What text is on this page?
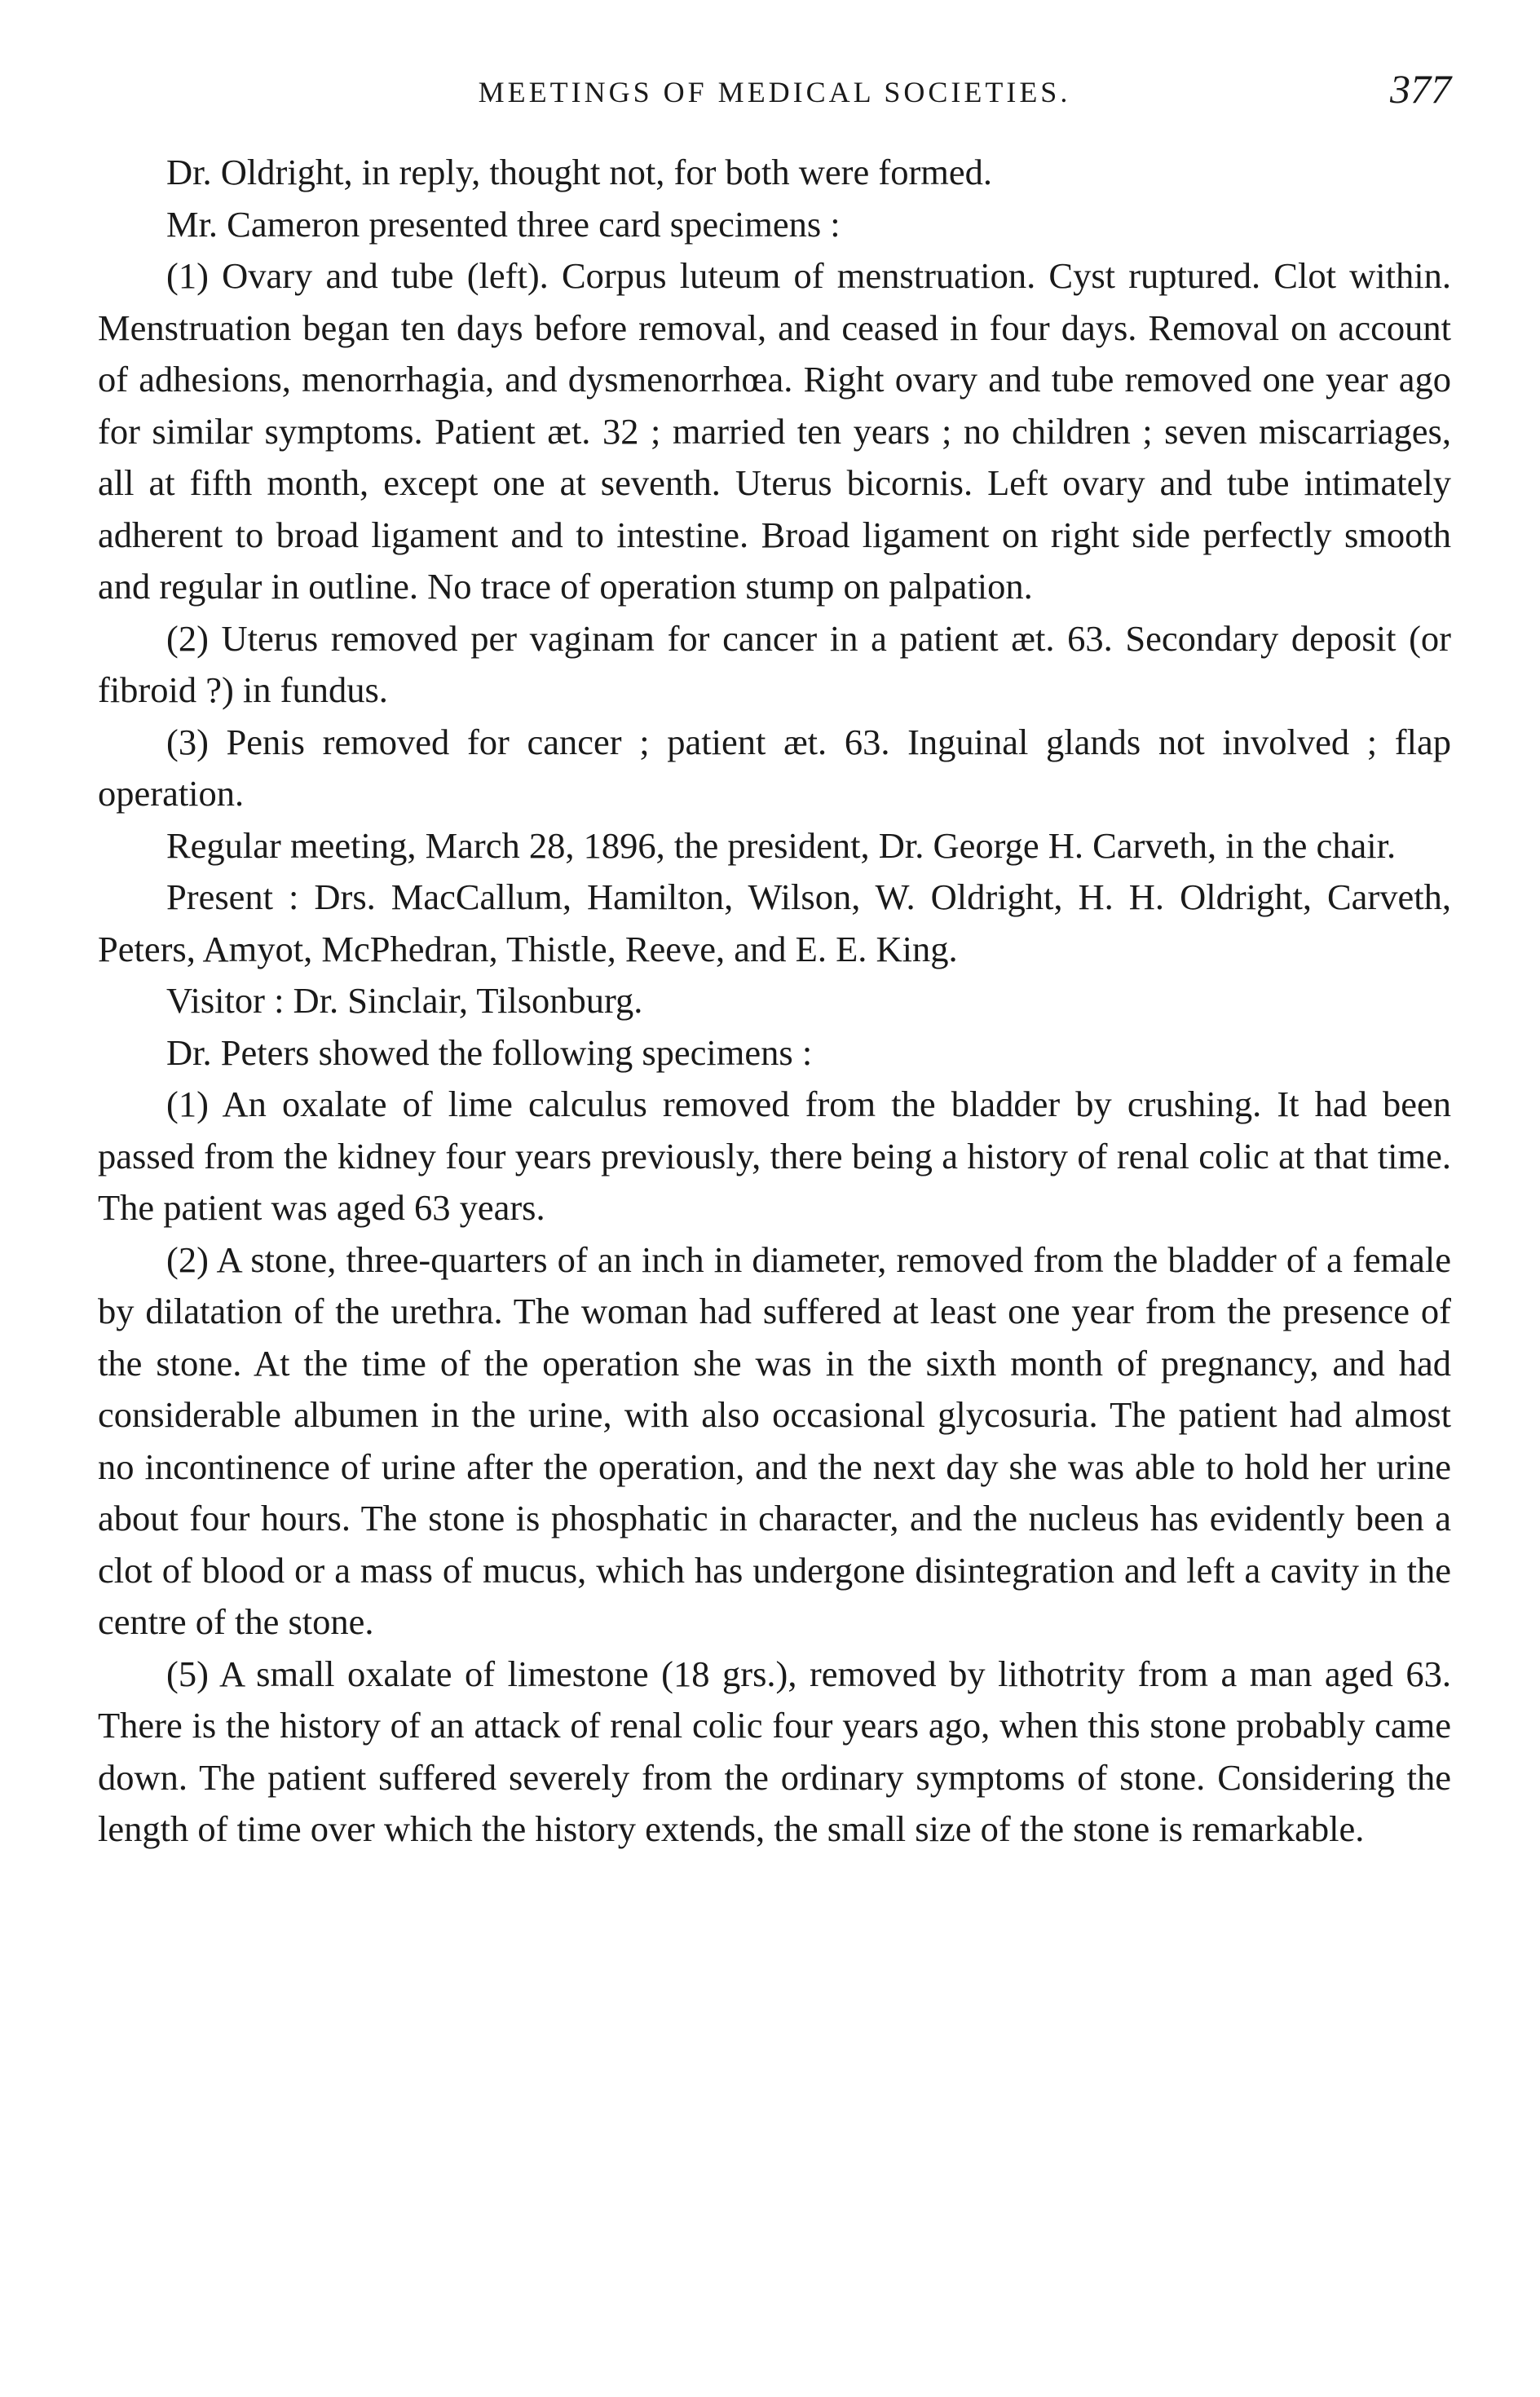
MEETINGS OF MEDICAL SOCIETIES.	377

Dr. Oldright, in reply, thought not, for both were formed.

Mr. Cameron presented three card specimens :

(1) Ovary and tube (left). Corpus luteum of menstruation. Cyst ruptured. Clot within. Menstruation began ten days before removal, and ceased in four days. Removal on account of adhesions, menorrhagia, and dysmenorrhœa. Right ovary and tube removed one year ago for similar symptoms. Patient æt. 32 ; married ten years ; no children ; seven miscarriages, all at fifth month, except one at seventh. Uterus bicornis. Left ovary and tube intimately adherent to broad ligament and to intestine. Broad ligament on right side perfectly smooth and regular in outline. No trace of operation stump on palpation.

(2) Uterus removed per vaginam for cancer in a patient æt. 63. Secondary deposit (or fibroid ?) in fundus.

(3) Penis removed for cancer ; patient æt. 63. Inguinal glands not involved ; flap operation.

Regular meeting, March 28, 1896, the president, Dr. George H. Carveth, in the chair.

Present : Drs. MacCallum, Hamilton, Wilson, W. Oldright, H. H. Oldright, Carveth, Peters, Amyot, McPhedran, Thistle, Reeve, and E. E. King.

Visitor : Dr. Sinclair, Tilsonburg.

Dr. Peters showed the following specimens :

(1) An oxalate of lime calculus removed from the bladder by crushing. It had been passed from the kidney four years previously, there being a history of renal colic at that time. The patient was aged 63 years.

(2) A stone, three-quarters of an inch in diameter, removed from the bladder of a female by dilatation of the urethra. The woman had suffered at least one year from the presence of the stone. At the time of the operation she was in the sixth month of pregnancy, and had considerable albumen in the urine, with also occasional glycosuria. The patient had almost no incontinence of urine after the operation, and the next day she was able to hold her urine about four hours. The stone is phosphatic in character, and the nucleus has evidently been a clot of blood or a mass of mucus, which has undergone disintegration and left a cavity in the centre of the stone.

(5) A small oxalate of limestone (18 grs.), removed by lithotrity from a man aged 63. There is the history of an attack of renal colic four years ago, when this stone probably came down. The patient suffered severely from the ordinary symptoms of stone. Considering the length of time over which the history extends, the small size of the stone is remarkable.
